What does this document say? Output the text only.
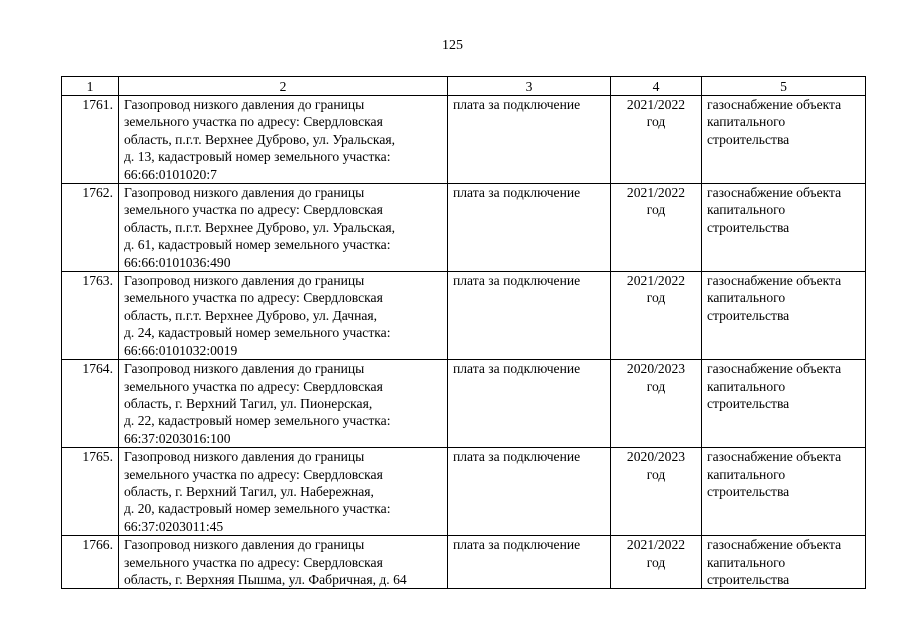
125
1	2	3	4	5

1761.	Газопровод низкого давления до границы
земельного участка по адресу: Свердловская
область, п.г.т. Верхнее Дуброво, ул. Уральская,
д. 13, кадастровый номер земельного участка:
66:66:0101020:7	плата за подключение	2021/2022
год	газоснабжение объекта
капитального
строительства

1762.	Газопровод низкого давления до границы
земельного участка по адресу: Свердловская
область, п.г.т. Верхнее Дуброво, ул. Уральская,
д. 61, кадастровый номер земельного участка:
66:66:0101036:490	плата за подключение	2021/2022
год	газоснабжение объекта
капитального
строительства

1763.	Газопровод низкого давления до границы
земельного участка по адресу: Свердловская
область, п.г.т. Верхнее Дуброво, ул. Дачная,
д. 24, кадастровый номер земельного участка:
66:66:0101032:0019	плата за подключение	2021/2022
год	газоснабжение объекта
капитального
строительства

1764.	Газопровод низкого давления до границы
земельного участка по адресу: Свердловская
область, г. Верхний Тагил, ул. Пионерская,
д. 22, кадастровый номер земельного участка:
66:37:0203016:100	плата за подключение	2020/2023
год	газоснабжение объекта
капитального
строительства

1765.	Газопровод низкого давления до границы
земельного участка по адресу: Свердловская
область, г. Верхний Тагил, ул. Набережная,
д. 20, кадастровый номер земельного участка:
66:37:0203011:45	плата за подключение	2020/2023
год	газоснабжение объекта
капитального
строительства

1766.	Газопровод низкого давления до границы
земельного участка по адресу: Свердловская
область, г. Верхняя Пышма, ул. Фабричная, д. 64	плата за подключение	2021/2022
год	газоснабжение объекта
капитального
строительства
